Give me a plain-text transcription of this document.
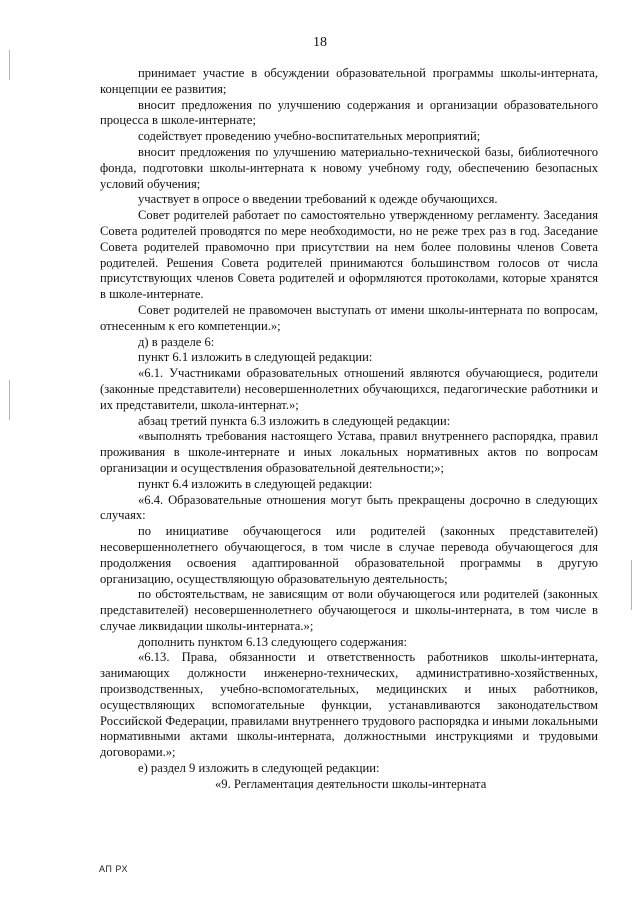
18

принимает участие в обсуждении образовательной программы школы-интерната, концепции ее развития;

вносит предложения по улучшению содержания и организации образовательного процесса в школе-интернате;

содействует проведению учебно-воспитательных мероприятий;

вносит предложения по улучшению материально-технической базы, библиотечного фонда, подготовки школы-интерната к новому учебному году, обеспечению безопасных условий обучения;

участвует в опросе о введении требований к одежде обучающихся.

Совет родителей работает по самостоятельно утвержденному регламенту. Заседания Совета родителей проводятся по мере необходимости, но не реже трех раз в год. Заседание Совета родителей правомочно при присутствии на нем более половины членов Совета родителей. Решения Совета родителей принимаются большинством голосов от числа присутствующих членов Совета родителей и оформляются протоколами, которые хранятся в школе-интернате.

Совет родителей не правомочен выступать от имени школы-интерната по вопросам, отнесенным к его компетенции.»;

д) в разделе 6:

пункт 6.1 изложить в следующей редакции:

«6.1. Участниками образовательных отношений являются обучающиеся, родители (законные представители) несовершеннолетних обучающихся, педагогические работники и их представители, школа-интернат.»;

абзац третий пункта 6.3 изложить в следующей редакции:

«выполнять требования настоящего Устава, правил внутреннего распорядка, правил проживания в школе-интернате и иных локальных нормативных актов по вопросам организации и осуществления образовательной деятельности;»;

пункт 6.4 изложить в следующей редакции:

«6.4. Образовательные отношения могут быть прекращены досрочно в следующих случаях:

по инициативе обучающегося или родителей (законных представителей) несовершеннолетнего обучающегося, в том числе в случае перевода обучающегося для продолжения освоения адаптированной образовательной программы в другую организацию, осуществляющую образовательную деятельность;

по обстоятельствам, не зависящим от воли обучающегося или родителей (законных представителей) несовершеннолетнего обучающегося и школы-интерната, в том числе в случае ликвидации школы-интерната.»;

дополнить пунктом 6.13 следующего содержания:

«6.13. Права, обязанности и ответственность работников школы-интерната, занимающих должности инженерно-технических, административно-хозяйственных, производственных, учебно-вспомогательных, медицинских и иных работников, осуществляющих вспомогательные функции, устанавливаются законодательством Российской Федерации, правилами внутреннего трудового распорядка и иными локальными нормативными актами школы-интерната, должностными инструкциями и трудовыми договорами.»;

е) раздел 9 изложить в следующей редакции:

«9. Регламентация деятельности школы-интерната

АП РХ
